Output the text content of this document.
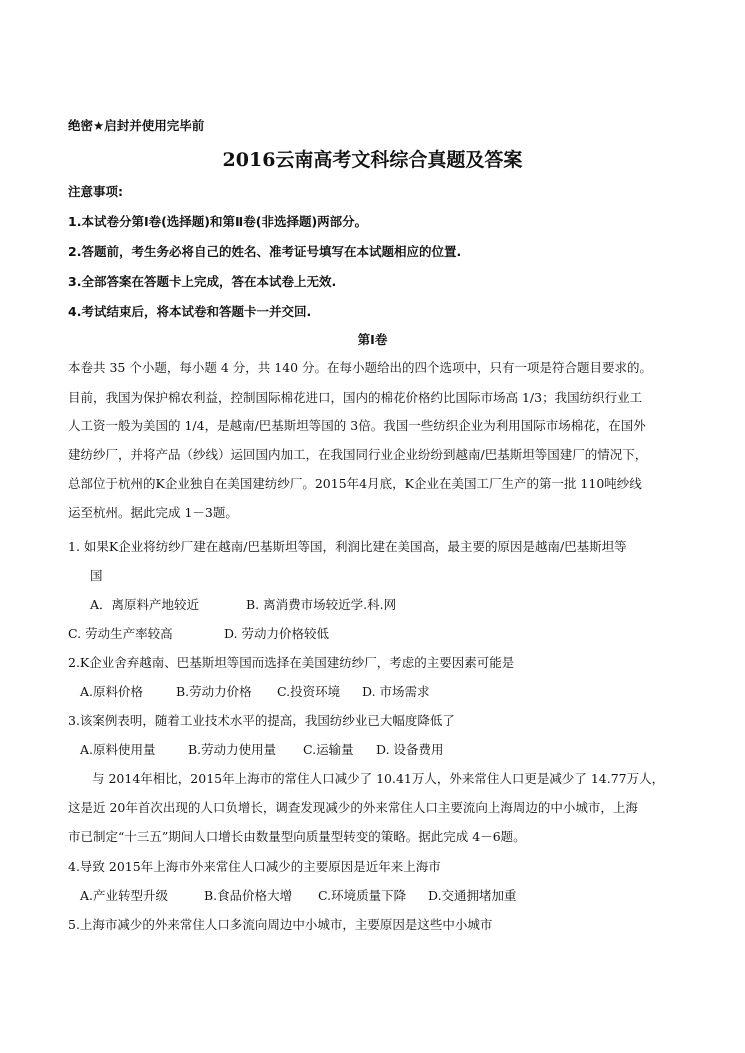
绝密★启封并使用完毕前
2016云南高考文科综合真题及答案
注意事项:
1.本试卷分第Ⅰ卷(选择题)和第Ⅱ卷(非选择题)两部分。
2.答题前，考生务必将自己的姓名、准考证号填写在本试题相应的位置.
3.全部答案在答题卡上完成，答在本试卷上无效.
4.考试结束后，将本试卷和答题卡一并交回.
第Ⅰ卷
本卷共 35 个小题，每小题 4 分，共 140 分。在每小题给出的四个选项中，只有一项是符合题目要求的。
目前，我国为保护棉农利益，控制国际棉花进口，国内的棉花价格约比国际市场高 1/3；我国纺织行业工
人工资一般为美国的 1/4，是越南/巴基斯坦等国的 3倍。我国一些纺织企业为利用国际市场棉花，在国外
建纺纱厂，并将产品（纱线）运回国内加工，在我国同行业企业纷纷到越南/巴基斯坦等国建厂的情况下，
总部位于杭州的K企业独自在美国建纺纱厂。2015年4月底，K企业在美国工厂生产的第一批 110吨纱线
运至杭州。据此完成 1－3题。
1. 如果K企业将纺纱厂建在越南/巴基斯坦等国，利润比建在美国高，最主要的原因是越南/巴基斯坦等
国
A．离原料产地较近	B. 离消费市场较近学.科.网
C. 劳动生产率较高	D. 劳动力价格较低
2.K企业舍弃越南、巴基斯坦等国而选择在美国建纺纱厂，考虑的主要因素可能是
A.原料价格	B.劳动力价格 C.投资环境 D. 市场需求
3.该案例表明，随着工业技术水平的提高，我国纺纱业已大幅度降低了
A.原料使用量	B.劳动力使用量 C.运输量 D. 设备费用
与 2014年相比，2015年上海市的常住人口减少了 10.41万人，外来常住人口更是减少了 14.77万人，
这是近 20年首次出现的人口负增长，调查发现减少的外来常住人口主要流向上海周边的中小城市，上海
市已制定“十三五”期间人口增长由数量型向质量型转变的策略。据此完成 4－6题。
4.导致 2015年上海市外来常住人口减少的主要原因是近年来上海市
A.产业转型升级	B.食品价格大增 C.环境质量下降 D.交通拥堵加重
5.上海市减少的外来常住人口多流向周边中小城市，主要原因是这些中小城市
